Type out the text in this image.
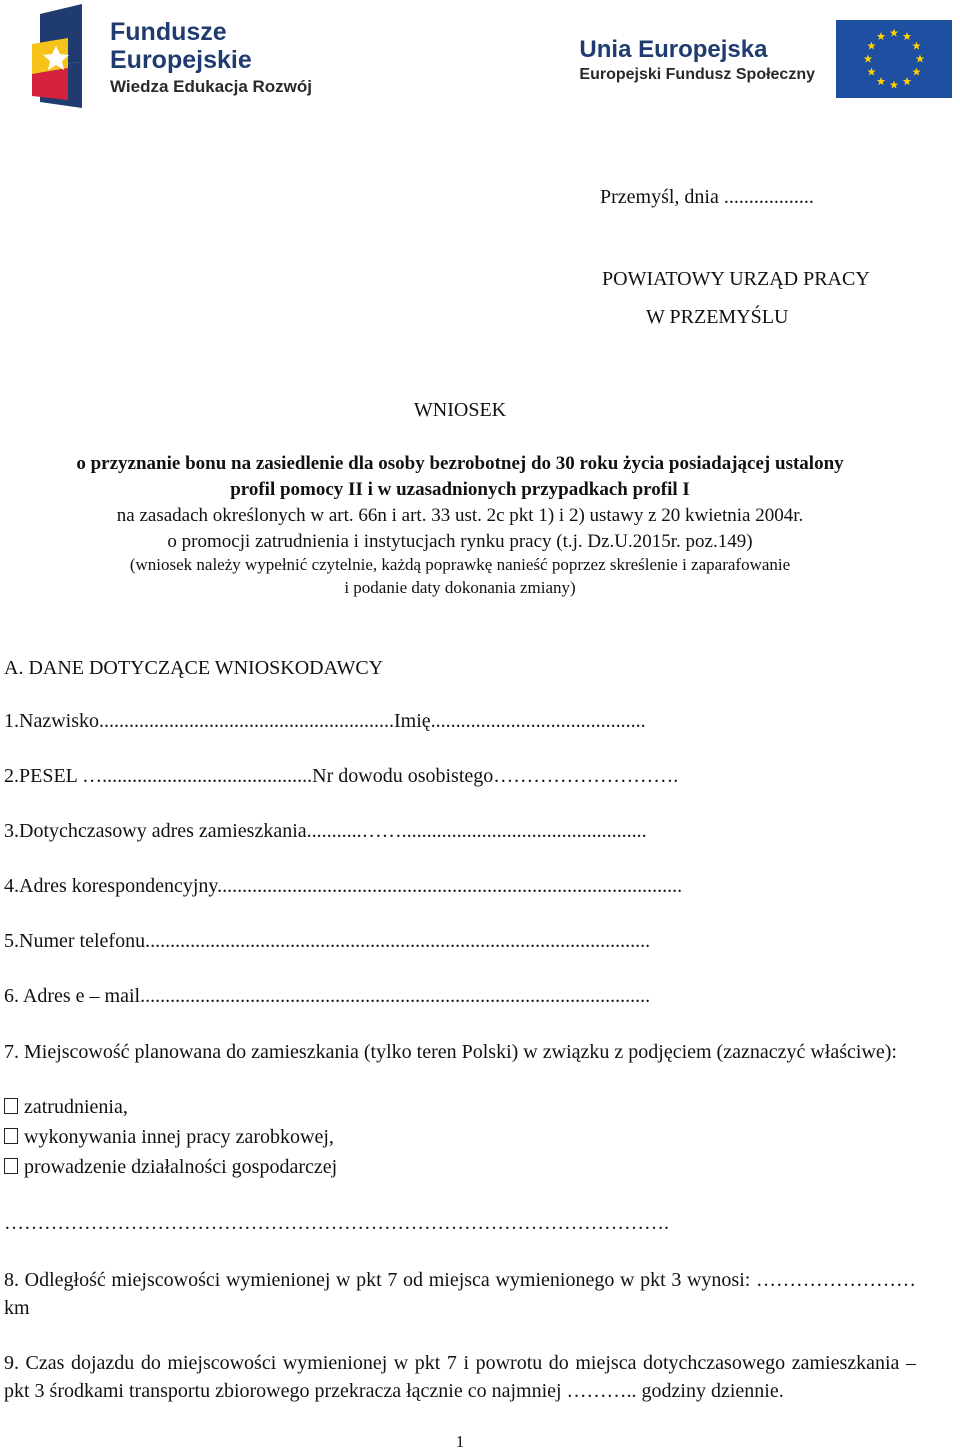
Fundusze
Europejskie
Wiedza Edukacja Rozwój
Unia Europejska
Europejski Fundusz Społeczny
Przemyśl, dnia ..................
POWIATOWY URZĄD PRACY
W PRZEMYŚLU
WNIOSEK
o przyznanie bonu na zasiedlenie dla osoby bezrobotnej do 30 roku życia posiadającej ustalony
profil pomocy II i w uzasadnionych przypadkach profil I
na zasadach określonych w art. 66n i art. 33 ust. 2c pkt 1) i 2) ustawy z 20 kwietnia 2004r.
o promocji zatrudnienia i instytucjach rynku pracy (t.j. Dz.U.2015r. poz.149)
(wniosek należy wypełnić czytelnie, każdą poprawkę nanieść poprzez skreślenie i zaparafowanie
i podanie daty dokonania zmiany)
A. DANE DOTYCZĄCE WNIOSKODAWCY
1.Nazwisko...........................................................Imię...........................................
2.PESEL …..........................................Nr dowodu osobistego……………………….
3.Dotychczasowy adres zamieszkania...........…….................................................
4.Adres korespondencyjny.............................................................................................
5.Numer telefonu.....................................................................................................
6. Adres e – mail......................................................................................................
7. Miejscowość planowana do zamieszkania (tylko teren Polski) w związku z podjęciem (zaznaczyć właściwe):
zatrudnienia,
wykonywania innej pracy zarobkowej,
prowadzenie działalności gospodarczej
……………………………………………………………………………………….
8. Odległość miejscowości wymienionej w pkt 7 od miejsca wymienionego w pkt 3 wynosi: ……………………km
9. Czas dojazdu do miejscowości wymienionej w pkt 7 i powrotu do miejsca dotychczasowego zamieszkania – pkt 3 środkami transportu zbiorowego przekracza łącznie co najmniej ……….. godziny dziennie.
1
